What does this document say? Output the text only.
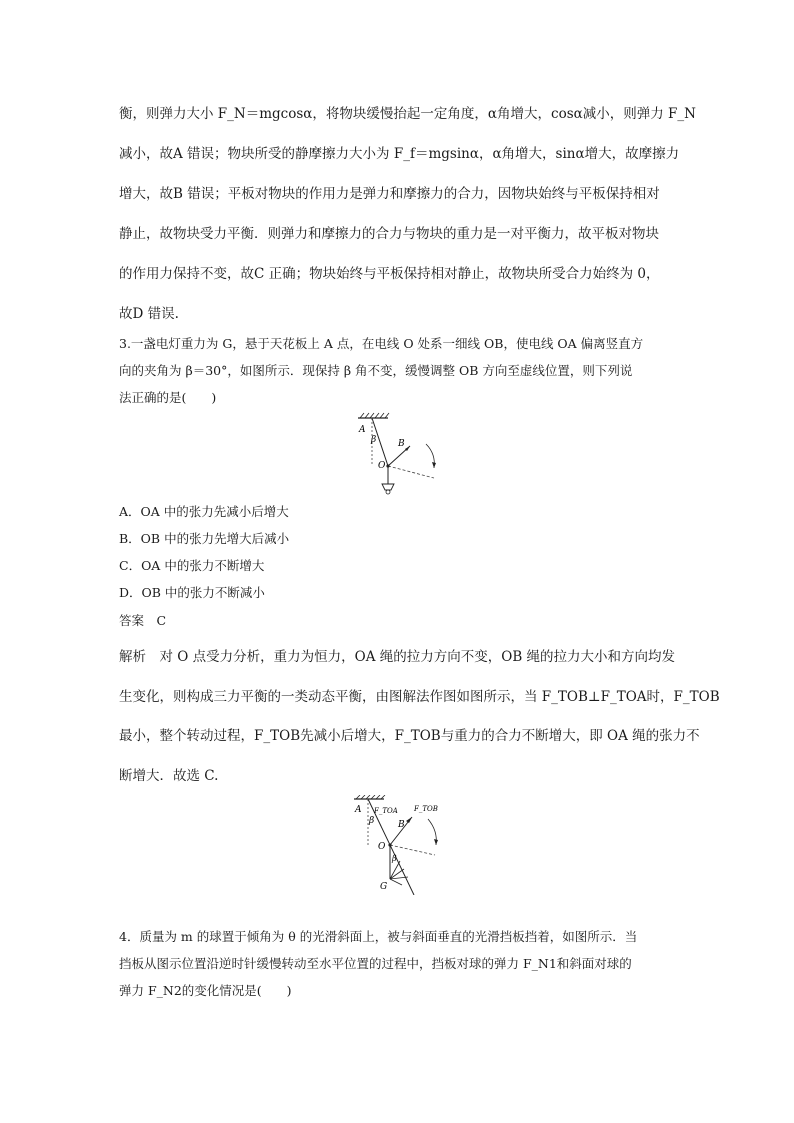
衡，则弹力大小 F_N＝mgcosα，将物块缓慢抬起一定角度，α角增大，cosα减小，则弹力 F_N
减小，故A 错误；物块所受的静摩擦力大小为 F_f＝mgsinα，α角增大，sinα增大，故摩擦力
增大，故B 错误；平板对物块的作用力是弹力和摩擦力的合力，因物块始终与平板保持相对
静止，故物块受力平衡．则弹力和摩擦力的合力与物块的重力是一对平衡力，故平板对物块
的作用力保持不变，故C 正确；物块始终与平板保持相对静止，故物块所受合力始终为 0，
故D 错误.
3.一盏电灯重力为 G，悬于天花板上 A 点，在电线 O 处系一细线 OB，使电线 OA 偏离竖直方
向的夹角为 β＝30°，如图所示．现保持 β 角不变，缓慢调整 OB 方向至虚线位置，则下列说
法正确的是(　　)
A
β B
O
A．OA 中的张力先减小后增大
B．OB 中的张力先增大后减小
C．OA 中的张力不断增大
D．OB 中的张力不断减小
答案　 C
解析　 对 O 点受力分析，重力为恒力，OA 绳的拉力方向不变，OB 绳的拉力大小和方向均发
生变化，则构成三力平衡的一类动态平衡，由图解法作图如图所示，当 F_TOB⊥F_TOA时，F_TOB
最小，整个转动过程，F_TOB先减小后增大，F_TOB与重力的合力不断增大，即 OA 绳的张力不
断增大．故选 C.
A
β
F_TOA F_TOB
B
O
β
G
4．质量为 m 的球置于倾角为 θ 的光滑斜面上，被与斜面垂直的光滑挡板挡着，如图所示．当
挡板从图示位置沿逆时针缓慢转动至水平位置的过程中，挡板对球的弹力 F_N1和斜面对球的
弹力 F_N2的变化情况是(　　)
